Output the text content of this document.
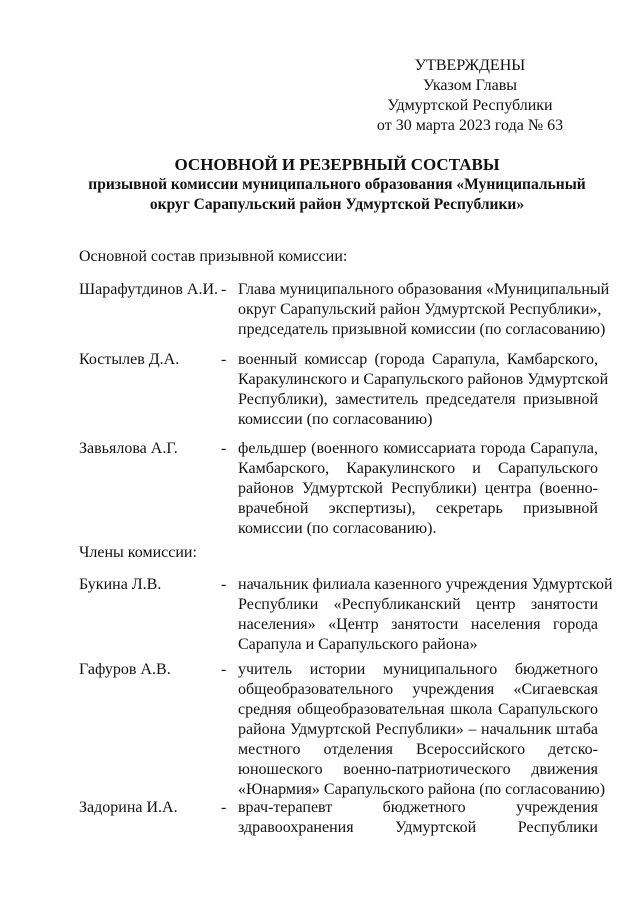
УТВЕРЖДЕНЫ
Указом Главы
Удмуртской Республики
от 30 марта 2023 года № 63
ОСНОВНОЙ И РЕЗЕРВНЫЙ СОСТАВЫ
призывной комиссии муниципального образования «Муниципальный
округ Сарапульский район Удмуртской Республики»
Основной состав призывной комиссии:
Шарафутдинов А.И. - Глава муниципального образования «Муниципальный
округ Сарапульский район Удмуртской Республики»,
председатель призывной комиссии (по согласованию)
Костылев Д.А.	- военный комиссар (города Сарапула, Камбарского,
Каракулинского и Сарапульского районов Удмуртской
Республики), заместитель председателя призывной
комиссии (по согласованию)
Завьялова А.Г.	- фельдшер (военного комиссариата города Сарапула,
Камбарского, Каракулинского и Сарапульского
районов Удмуртской Республики) центра (военно-
врачебной экспертизы), секретарь призывной
комиссии (по согласованию).
Члены комиссии:
Букина Л.В.	- начальник филиала казенного учреждения Удмуртской
Республики «Республиканский центр занятости
населения» «Центр занятости населения города
Сарапула и Сарапульского района»
Гафуров А.В.	- учитель истории муниципального бюджетного
общеобразовательного учреждения «Сигаевская
средняя общеобразовательная школа Сарапульского
района Удмуртской Республики» – начальник штаба
местного отделения Всероссийского детско-
юношеского военно-патриотического движения
«Юнармия» Сарапульского района (по согласованию)
Задорина И.А.	- врач-терапевт бюджетного учреждения
здравоохранения Удмуртской Республики
